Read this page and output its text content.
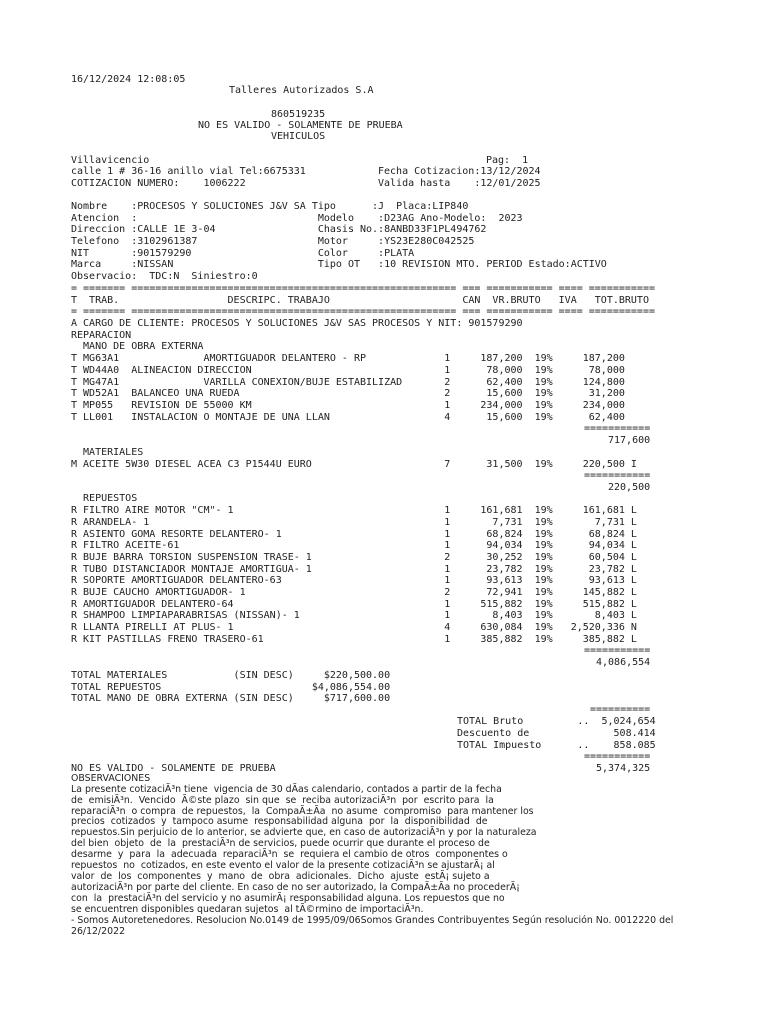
16/12/2024 12:08:05
Talleres Autorizados S.A
860519235
NO ES VALIDO - SOLAMENTE DE PRUEBA
VEHICULOS
Villavicencio	Pag:  1
calle 1 # 36-16 anillo vial Tel:6675331	Fecha Cotizacion:13/12/2024
COTIZACION NUMERO:    1006222	Valida hasta    :12/01/2025
Nombre    :PROCESOS Y SOLUCIONES J&V SA Tipo      :J  Placa:LIP840
Atencion  :                              Modelo    :D23AG Ano-Modelo:  2023
Direccion :CALLE 1E 3-04                 Chasis No.:8ANBD33F1PL494762
Telefono  :3102961387                    Motor     :YS23E280C042525
NIT       :901579290                     Color     :PLATA
Marca     :NISSAN                        Tipo OT   :10 REVISION MTO. PERIOD Estado:ACTIVO
Observacio:  TDC:N  Siniestro:0
= ======= ====================================================== === =========== ==== ===========
T  TRAB.                  DESCRIPC. TRABAJO                      CAN  VR.BRUTO   IVA   TOT.BRUTO
= ======= ====================================================== === =========== ==== ===========
A CARGO DE CLIENTE: PROCESOS Y SOLUCIONES J&V SAS PROCESOS Y NIT: 901579290
REPARACION
MANO DE OBRA EXTERNA
T MG63A1              AMORTIGUADOR DELANTERO - RP             1     187,200  19%     187,200
T WD44A0  ALINEACION DIRECCION                                1      78,000  19%      78,000
T MG47A1              VARILLA CONEXION/BUJE ESTABILIZAD       2      62,400  19%     124,800
T WD52A1  BALANCEO UNA RUEDA                                  2      15,600  19%      31,200
T MP055   REVISION DE 55000 KM                                1     234,000  19%     234,000
T LL001   INSTALACION O MONTAJE DE UNA LLAN                   4      15,600  19%      62,400
===========
717,600
MATERIALES
M ACEITE 5W30 DIESEL ACEA C3 P1544U EURO                      7      31,500  19%     220,500 I
===========
220,500
REPUESTOS
R FILTRO AIRE MOTOR "CM"- 1                                   1     161,681  19%     161,681 L
R ARANDELA- 1                                                 1       7,731  19%       7,731 L
R ASIENTO GOMA RESORTE DELANTERO- 1                           1      68,824  19%      68,824 L
R FILTRO ACEITE-61                                            1      94,034  19%      94,034 L
R BUJE BARRA TORSION SUSPENSION TRASE- 1                      2      30,252  19%      60,504 L
R TUBO DISTANCIADOR MONTAJE AMORTIGUA- 1                      1      23,782  19%      23,782 L
R SOPORTE AMORTIGUADOR DELANTERO-63                           1      93,613  19%      93,613 L
R BUJE CAUCHO AMORTIGUADOR- 1                                 2      72,941  19%     145,882 L
R AMORTIGUADOR DELANTERO-64                                   1     515,882  19%     515,882 L
R SHAMPOO LIMPIAPARABRISAS (NISSAN)- 1                        1       8,403  19%       8,403 L
R LLANTA PIRELLI AT PLUS- 1                                   4     630,084  19%   2,520,336 N
R KIT PASTILLAS FRENO TRASERO-61                              1     385,882  19%     385,882 L
===========
4,086,554
TOTAL MATERIALES           (SIN DESC)     $220,500.00
TOTAL REPUESTOS                         $4,086,554.00
TOTAL MANO DE OBRA EXTERNA (SIN DESC)     $717,600.00
==========
TOTAL Bruto         ..  5,024,654
Descuento de              508.414
TOTAL Impuesto      ..    858.085
===========
5,374,325
NO ES VALIDO - SOLAMENTE DE PRUEBA
OBSERVACIONES
La presente cotizaciÃ³n tiene  vigencia de 30 dÃas calendario, contados a partir de la fecha
de  emisiÃ³n.  Vencido  Ã©ste plazo  sin que  se  reciba autorizaciÃ³n  por  escrito para  la
reparaciÃ³n  o compra  de repuestos,  la  CompaÃ±Ãa  no asume  compromiso  para mantener los
precios  cotizados  y  tampoco asume  responsabilidad alguna  por  la  disponibilidad  de
repuestos.Sin perjuicio de lo anterior, se advierte que, en caso de autorizaciÃ³n y por la naturaleza
del bien  objeto  de  la  prestaciÃ³n de servicios, puede ocurrir que durante el proceso de
desarme  y  para  la  adecuada  reparaciÃ³n  se  requiera el cambio de otros  componentes o
repuestos  no  cotizados, en este evento el valor de la presente cotizaciÃ³n se ajustarÃ¡ al
valor  de  los  componentes  y  mano  de  obra  adicionales.  Dicho  ajuste  estÃ¡ sujeto a
autorizaciÃ³n por parte del cliente. En caso de no ser autorizado, la CompaÃ±Ãa no procederÃ¡
con  la  prestaciÃ³n del servicio y no asumirÃ¡ responsabilidad alguna. Los repuestos que no
se encuentren disponibles quedaran sujetos  al tÃ©rmino de importaciÃ³n.
- Somos Autoretenedores. Resolucion No.0149 de 1995/09/06Somos Grandes Contribuyentes Según resolución No. 0012220 del
26/12/2022
